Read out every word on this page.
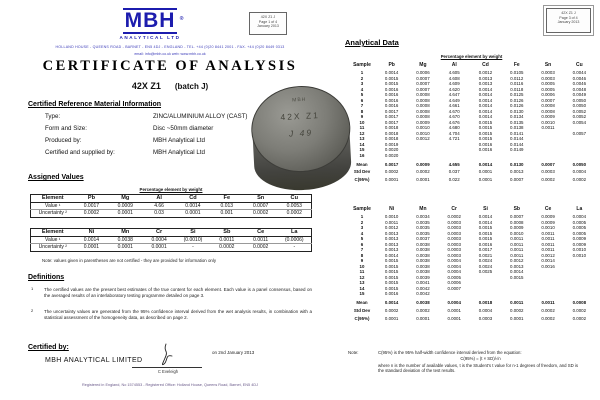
MBH ®
ANALYTICAL LTD
42X Z1 J
Page 1 of 4
January 2013
HOLLAND HOUSE - QUEENS ROAD - BARNET - EN5 4DJ - ENGLAND - TEL. +44 (0)20 8441 2001 - FAX. +44 (0)20 8449 0313
email: info@mbh.co.uk web: www.mbh.co.uk
CERTIFICATE OF ANALYSIS
42X Z1 (batch J)
Certified Reference Material Information
Type:	ZINC/ALUMINIUM ALLOY (CAST)
Form and Size:	Disc ~50mm diameter
Produced by:	MBH Analytical Ltd
Certified and supplied by:	MBH Analytical Ltd
MBH
42X Z1
J 49
Assigned Values
Percentage element by weight
Element	Pb	Mg	Al	Cd	Fe	Sn	Cu
Value ¹	0.0017	0.0009	4.66	0.0014	0.013	0.0007	0.0053
Uncertainty ²	0.0002	0.0001	0.03	0.0001	0.001	0.0002	0.0002
Element	Ni	Mn	Cr	Si	Sb	Ce	La
Value ¹	0.0014	0.0038	0.0004	(0.0010)	0.0011	0.0011	(0.0006)
Uncertainty ²	0.0001	0.0001	0.0001	-	0.0002	0.0002	-
Note: values given in parentheses are not certified - they are provided for information only
Definitions
1 The certified values are the present best estimates of the true content for each element. Each value is a panel consensus, based on the averaged results of an interlaboratory testing programme detailed on page 3.
2 The uncertainty values are generated from the 95% confidence interval derived from the wet analysis results, in combination with a statistical assessment of the homogeneity data, as described on page 2.
Certified by:
MBH ANALYTICAL LIMITED
C Eveleigh
on 2nd January 2013
Registered in England, No 1574553 - Registered Office: Holland House, Queens Road, Barnet, EN5 4DJ
42X Z1 J
Page 3 of 4
January 2013
Analytical Data
Percentage element by weight
Sample	Pb	Mg	Al	Cd	Fe	Sn	Cu
1	0.0014	0.0006	4.605	0.0012	0.0105	0.0003	0.0044
2	0.0015	0.0007	4.608	0.0013	0.0112	0.0003	0.0046
3	0.0015	0.0007	4.609	0.0013	0.0116	0.0005	0.0046
4	0.0016	0.0007	4.620	0.0014	0.0118	0.0005	0.0048
5	0.0016	0.0008	4.647	0.0014	0.0125	0.0006	0.0049
6	0.0016	0.0008	4.649	0.0014	0.0126	0.0007	0.0050
7	0.0016	0.0008	4.661	0.0014	0.0126	0.0008	0.0050
8	0.0017	0.0008	4.670	0.0014	0.0130	0.0008	0.0052
9	0.0017	0.0008	4.670	0.0014	0.0134	0.0009	0.0052
10	0.0017	0.0009	4.676	0.0015	0.0135	0.0010	0.0054
11	0.0018	0.0010	4.680	0.0015	0.0138	0.0011	
12	0.0018	0.0010	4.704	0.0015	0.0141		0.0057
13	0.0018	0.0012	4.721	0.0015	0.0144		
14	0.0019			0.0016	0.0144		
15	0.0020			0.0016	0.0149		
16	0.0020						
Mean	0.0017	0.0009	4.655	0.0014	0.0130	0.0007	0.0050
Std Dev	0.0002	0.0002	0.037	0.0001	0.0013	0.0003	0.0004
C(95%)	0.0001	0.0001	0.022	0.0001	0.0007	0.0002	0.0002
Sample	Ni	Mn	Cr	Si	Sb	Ce	La
1	0.0010	0.0034	0.0002	0.0014	0.0007	0.0009	0.0004
2	0.0011	0.0035	0.0003	0.0014	0.0008	0.0009	0.0005
3	0.0012	0.0035	0.0003	0.0015	0.0009	0.0010	0.0005
4	0.0013	0.0035	0.0003	0.0015	0.0010	0.0011	0.0005
5	0.0013	0.0037	0.0003	0.0015	0.0011	0.0011	0.0009
6	0.0013	0.0038	0.0003	0.0016	0.0011	0.0011	0.0009
7	0.0013	0.0038	0.0003	0.0017	0.0011	0.0011	0.0010
8	0.0014	0.0038	0.0003	0.0021	0.0011	0.0012	0.0010
9	0.0015	0.0038	0.0004	0.0024	0.0012	0.0014	
10	0.0015	0.0038	0.0004	0.0024	0.0013	0.0016	
11	0.0015	0.0038	0.0004	0.0025	0.0014		
12	0.0015	0.0039	0.0005		0.0015		
13	0.0015	0.0041	0.0006				
14	0.0015	0.0042	0.0007				
15	0.0016	0.0042					
Mean	0.0014	0.0038	0.0004	0.0018	0.0011	0.0011	0.0008
Std Dev	0.0002	0.0002	0.0001	0.0004	0.0002	0.0002	0.0002
C(95%)	0.0001	0.0001	0.0001	0.0003	0.0001	0.0002	0.0002
Note:	C(95%) is the 95% half-width confidence interval derived from the equation:
C(95%) = (t × SD)/√n
where n is the number of available values, t is the Student's t value for n-1 degrees of freedom, and SD is the standard deviation of the test results.
